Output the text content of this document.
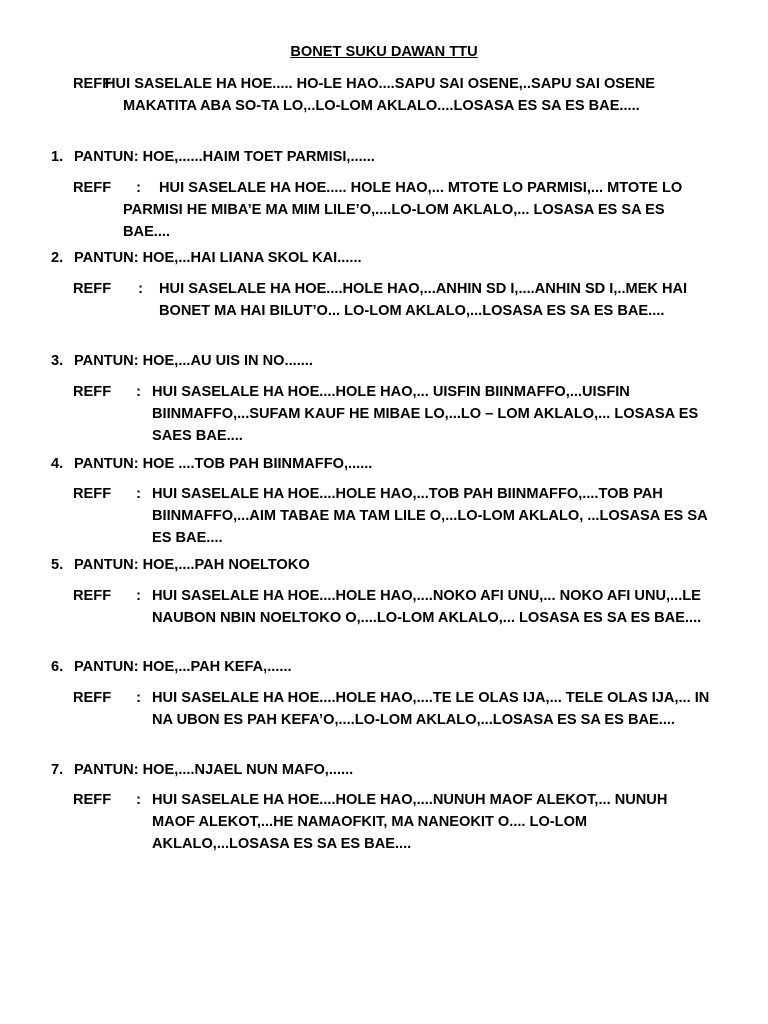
BONET SUKU DAWAN TTU
REFF:
HUI SASELALE HA HOE..... HO-LE HAO....SAPU SAI OSENE,..SAPU SAI OSENE MAKATITA ABA SO-TA LO,..LO-LOM AKLALO....LOSASA ES SA ES BAE.....
1. PANTUN: HOE,......HAIM TOET PARMISI,......
REFF :	HUI SASELALE HA HOE..... HOLE HAO,... MTOTE LO PARMISI,... MTOTE LO PARMISI HE MIBA’E MA MIM LILE’O,....LO-LOM AKLALO,... LOSASA ES SA ES BAE....
2. PANTUN: HOE,...HAI LIANA SKOL KAI......
REFF : HUI SASELALE HA HOE....HOLE HAO,...ANHIN SD I,....ANHIN SD I,..MEK HAI BONET MA HAI BILUT’O... LO-LOM AKLALO,...LOSASA ES SA ES BAE....
3. PANTUN: HOE,...AU UIS IN NO.......
REFF : HUI SASELALE HA HOE....HOLE HAO,... UISFIN BIINMAFFO,...UISFIN BIINMAFFO,...SUFAM KAUF HE MIBAE LO,...LO – LOM AKLALO,... LOSASA ES SAES BAE....
4. PANTUN: HOE ....TOB PAH BIINMAFFO,......
REFF : HUI SASELALE HA HOE....HOLE HAO,...TOB PAH BIINMAFFO,....TOB PAH BIINMAFFO,...AIM TABAE MA TAM LILE O,...LO-LOM AKLALO, ...LOSASA ES SA ES BAE....
5. PANTUN: HOE,....PAH NOELTOKO
REFF : HUI SASELALE HA HOE....HOLE HAO,....NOKO AFI UNU,... NOKO AFI UNU,...LE NAUBON NBIN NOELTOKO O,....LO-LOM AKLALO,... LOSASA ES SA ES BAE....
6. PANTUN: HOE,...PAH KEFA,......
REFF : HUI SASELALE HA HOE....HOLE HAO,....TE LE OLAS IJA,... TELE OLAS IJA,... IN NA UBON ES PAH KEFA’O,....LO-LOM AKLALO,...LOSASA ES SA ES BAE....
7. PANTUN: HOE,....NJAEL NUN MAFO,......
REFF : HUI SASELALE HA HOE....HOLE HAO,....NUNUH MAOF ALEKOT,... NUNUH MAOF ALEKOT,...HE NAMAOFKIT, MA NANEOKIT O.... LO-LOM AKLALO,...LOSASA ES SA ES BAE....
